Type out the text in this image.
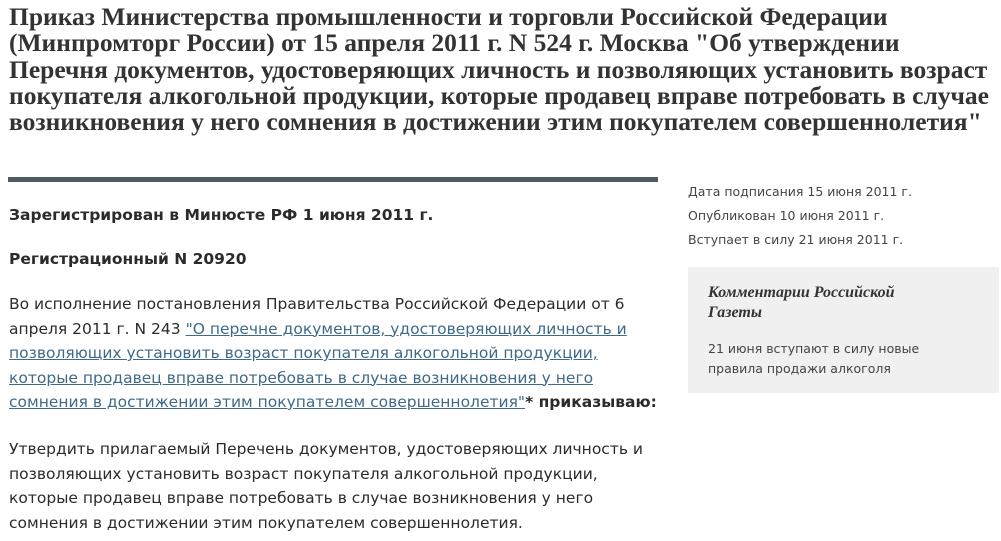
Приказ Министерства промышленности и торговли Российской Федерации (Минпромторг России) от 15 апреля 2011 г. N 524 г. Москва "Об утверждении Перечня документов, удостоверяющих личность и позволяющих установить возраст покупателя алкогольной продукции, которые продавец вправе потребовать в случае возникновения у него сомнения в достижении этим покупателем совершеннолетия"

Зарегистрирован в Минюсте РФ 1 июня 2011 г.

Регистрационный N 20920

Во исполнение постановления Правительства Российской Федерации от 6 апреля 2011 г. N 243 "О перечне документов, удостоверяющих личность и позволяющих установить возраст покупателя алкогольной продукции, которые продавец вправе потребовать в случае возникновения у него сомнения в достижении этим покупателем совершеннолетия"* приказываю:

Утвердить прилагаемый Перечень документов, удостоверяющих личность и позволяющих установить возраст покупателя алкогольной продукции, которые продавец вправе потребовать в случае возникновения у него сомнения в достижении этим покупателем совершеннолетия.

Дата подписания 15 июня 2011 г.

Опубликован 10 июня 2011 г.

Вступает в силу 21 июня 2011 г.

Комментарии Российской Газеты

21 июня вступают в силу новые правила продажи алкоголя
